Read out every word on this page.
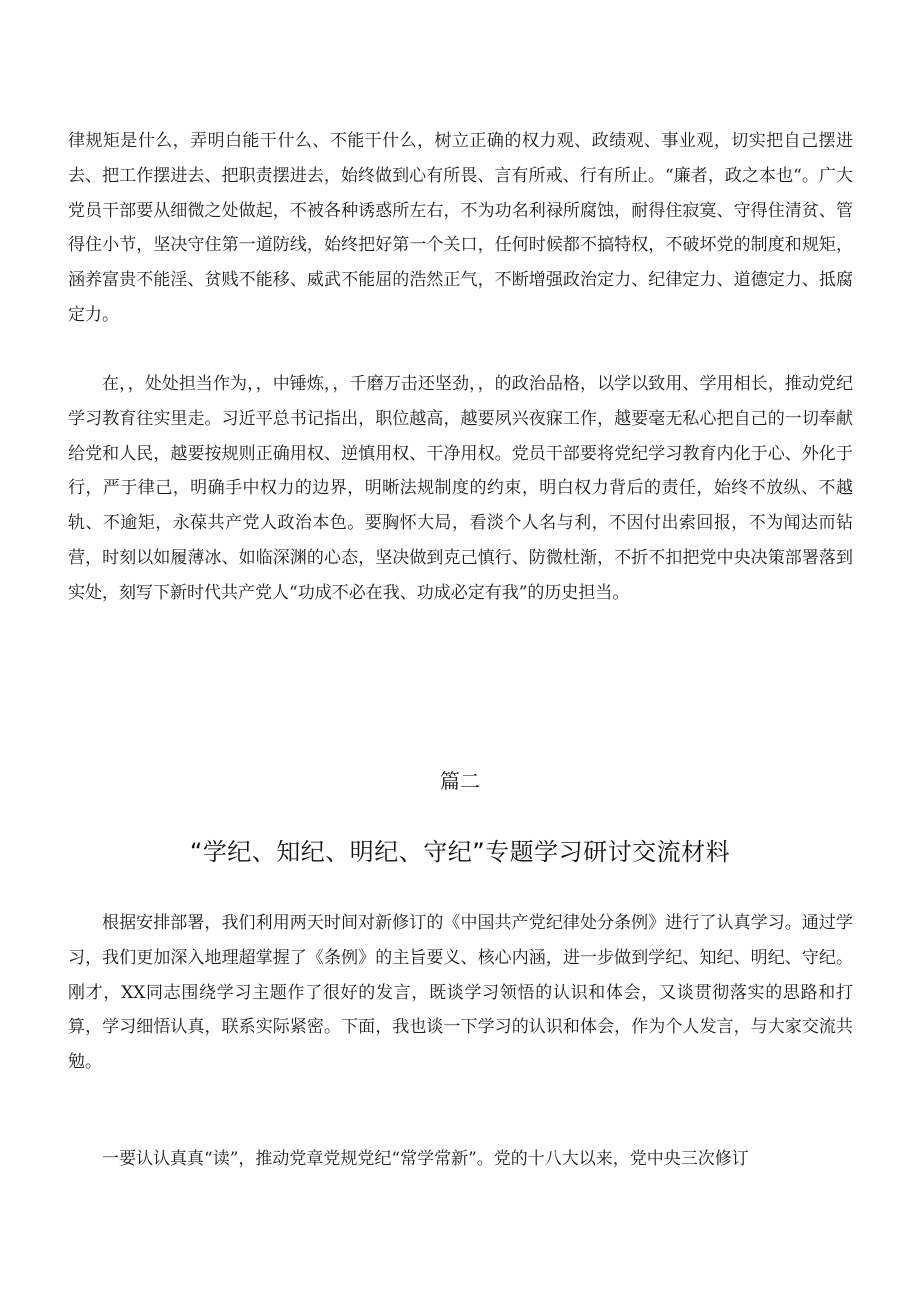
律规矩是什么，弄明白能干什么、不能干什么，树立正确的权力观、政绩观、事业观，切实把自己摆进去、把工作摆进去、把职责摆进去，始终做到心有所畏、言有所戒、行有所止。“廉者，政之本也“。广大党员干部要从细微之处做起，不被各种诱惑所左右，不为功名利禄所腐蚀，耐得住寂寞、守得住清贫、管得住小节，坚决守住第一道防线，始终把好第一个关口，任何时候都不搞特权，不破坏党的制度和规矩，涵养富贵不能淫、贫贱不能移、威武不能屈的浩然正气，不断增强政治定力、纪律定力、道德定力、抵腐定力。

在，，处处担当作为，，中锤炼，，千磨万击还坚劲，，的政治品格，以学以致用、学用相长，推动党纪学习教育往实里走。习近平总书记指出，职位越高，越要夙兴夜寐工作，越要毫无私心把自己的一切奉献给党和人民，越要按规则正确用权、逆慎用权、干净用权。党员干部要将党纪学习教育内化于心、外化于行，严于律己，明确手中权力的边界，明晰法规制度的约束，明白权力背后的责任，始终不放纵、不越轨、不逾矩，永葆共产党人政治本色。要胸怀大局，看淡个人名与利，不因付出索回报，不为闻达而钻营，时刻以如履薄冰、如临深渊的心态，坚决做到克己慎行、防微杜渐，不折不扣把党中央决策部署落到实处，刻写下新时代共产党人“功成不必在我、功成必定有我”的历史担当。

篇二
“学纪、知纪、明纪、守纪”专题学习研讨交流材料

根据安排部署，我们利用两天时间对新修订的《中国共产党纪律处分条例》进行了认真学习。通过学习，我们更加深入地理超掌握了《条例》的主旨要义、核心内涵，进一步做到学纪、知纪、明纪、守纪。刚才，XX同志围绕学习主题作了很好的发言，既谈学习领悟的认识和体会，又谈贯彻落实的思路和打算，学习细悟认真，联系实际紧密。下面，我也谈一下学习的认识和体会，作为个人发言，与大家交流共勉。

一要认认真真“读”，推动党章党规党纪“常学常新”。党的十八大以来，党中央三次修订
